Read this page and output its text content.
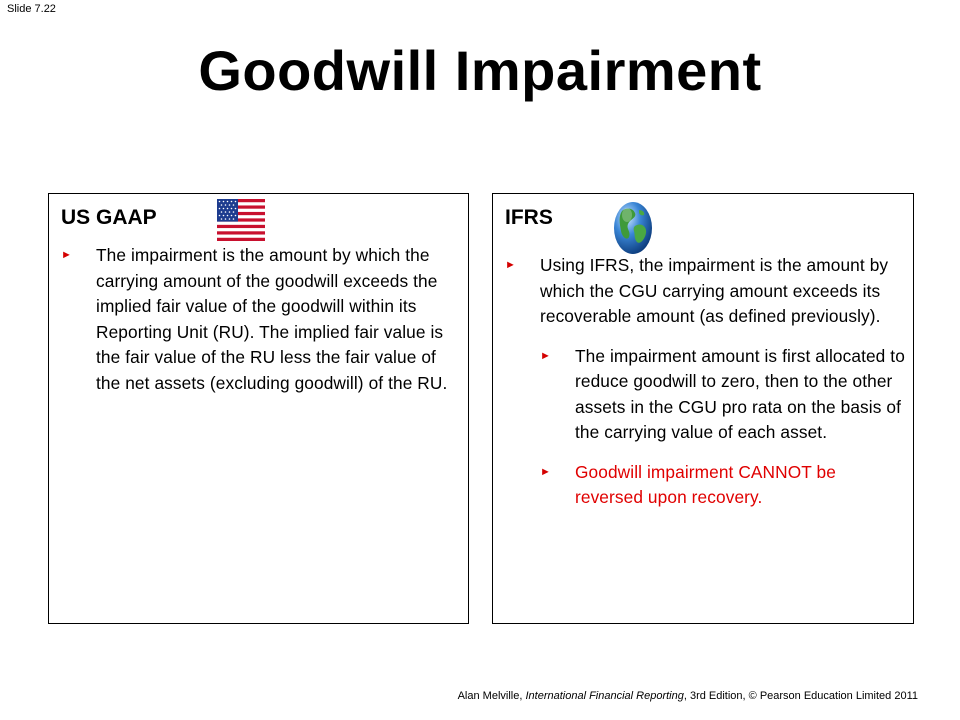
Slide 7.22
Goodwill Impairment
US GAAP
► The impairment is the amount by which the carrying amount of the goodwill exceeds the implied fair value of the goodwill within its Reporting Unit (RU). The implied fair value is the fair value of the RU less the fair value of the net assets (excluding goodwill) of the RU.
IFRS
► Using IFRS, the impairment is the amount by which the CGU carrying amount exceeds its recoverable amount (as defined previously).
► The impairment amount is first allocated to reduce goodwill to zero, then to the other assets in the CGU pro rata on the basis of the carrying value of each asset.
► Goodwill impairment CANNOT be reversed upon recovery.
Alan Melville, International Financial Reporting, 3rd Edition, © Pearson Education Limited 2011
